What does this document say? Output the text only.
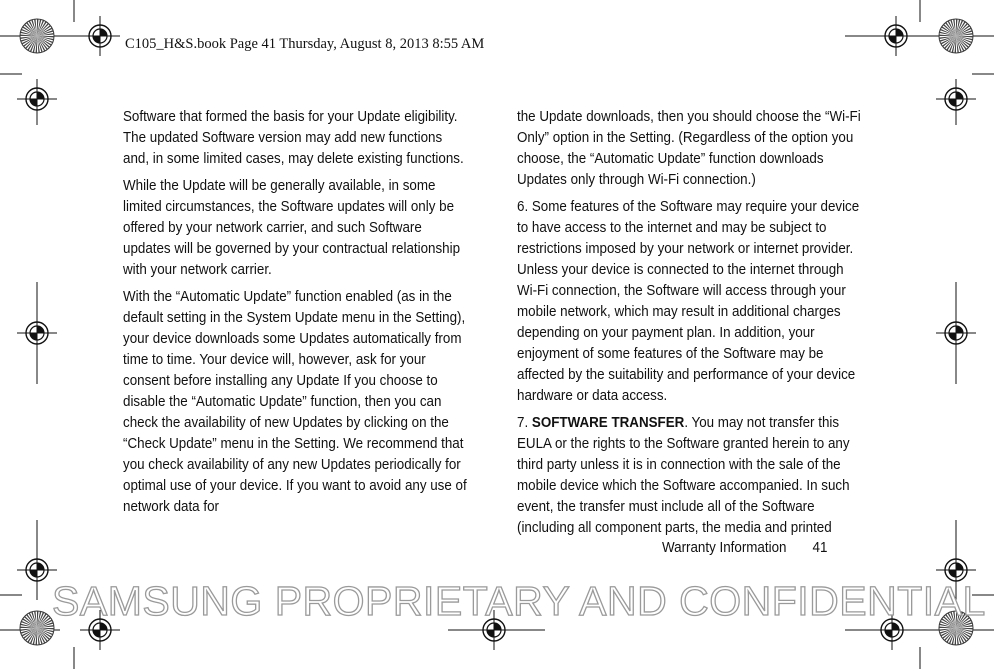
C105_H&S.book Page 41 Thursday, August 8, 2013 8:55 AM

Software that formed the basis for your Update eligibility. The updated Software version may add new functions and, in some limited cases, may delete existing functions.

While the Update will be generally available, in some limited circumstances, the Software updates will only be offered by your network carrier, and such Software updates will be governed by your contractual relationship with your network carrier.

With the “Automatic Update” function enabled (as in the default setting in the System Update menu in the Setting), your device downloads some Updates automatically from time to time. Your device will, however, ask for your consent before installing any Update If you choose to disable the “Automatic Update” function, then you can check the availability of new Updates by clicking on the “Check Update” menu in the Setting. We recommend that you check availability of any new Updates periodically for optimal use of your device. If you want to avoid any use of network data for

the Update downloads, then you should choose the “Wi-Fi Only” option in the Setting. (Regardless of the option you choose, the “Automatic Update” function downloads Updates only through Wi-Fi connection.)

6. Some features of the Software may require your device to have access to the internet and may be subject to restrictions imposed by your network or internet provider. Unless your device is connected to the internet through Wi-Fi connection, the Software will access through your mobile network, which may result in additional charges depending on your payment plan. In addition, your enjoyment of some features of the Software may be affected by the suitability and performance of your device hardware or data access.

7. SOFTWARE TRANSFER. You may not transfer this EULA or the rights to the Software granted herein to any third party unless it is in connection with the sale of the mobile device which the Software accompanied. In such event, the transfer must include all of the Software (including all component parts, the media and printed

Warranty Information 41
SAMSUNG PROPRIETARY AND CONFIDENTIAL
